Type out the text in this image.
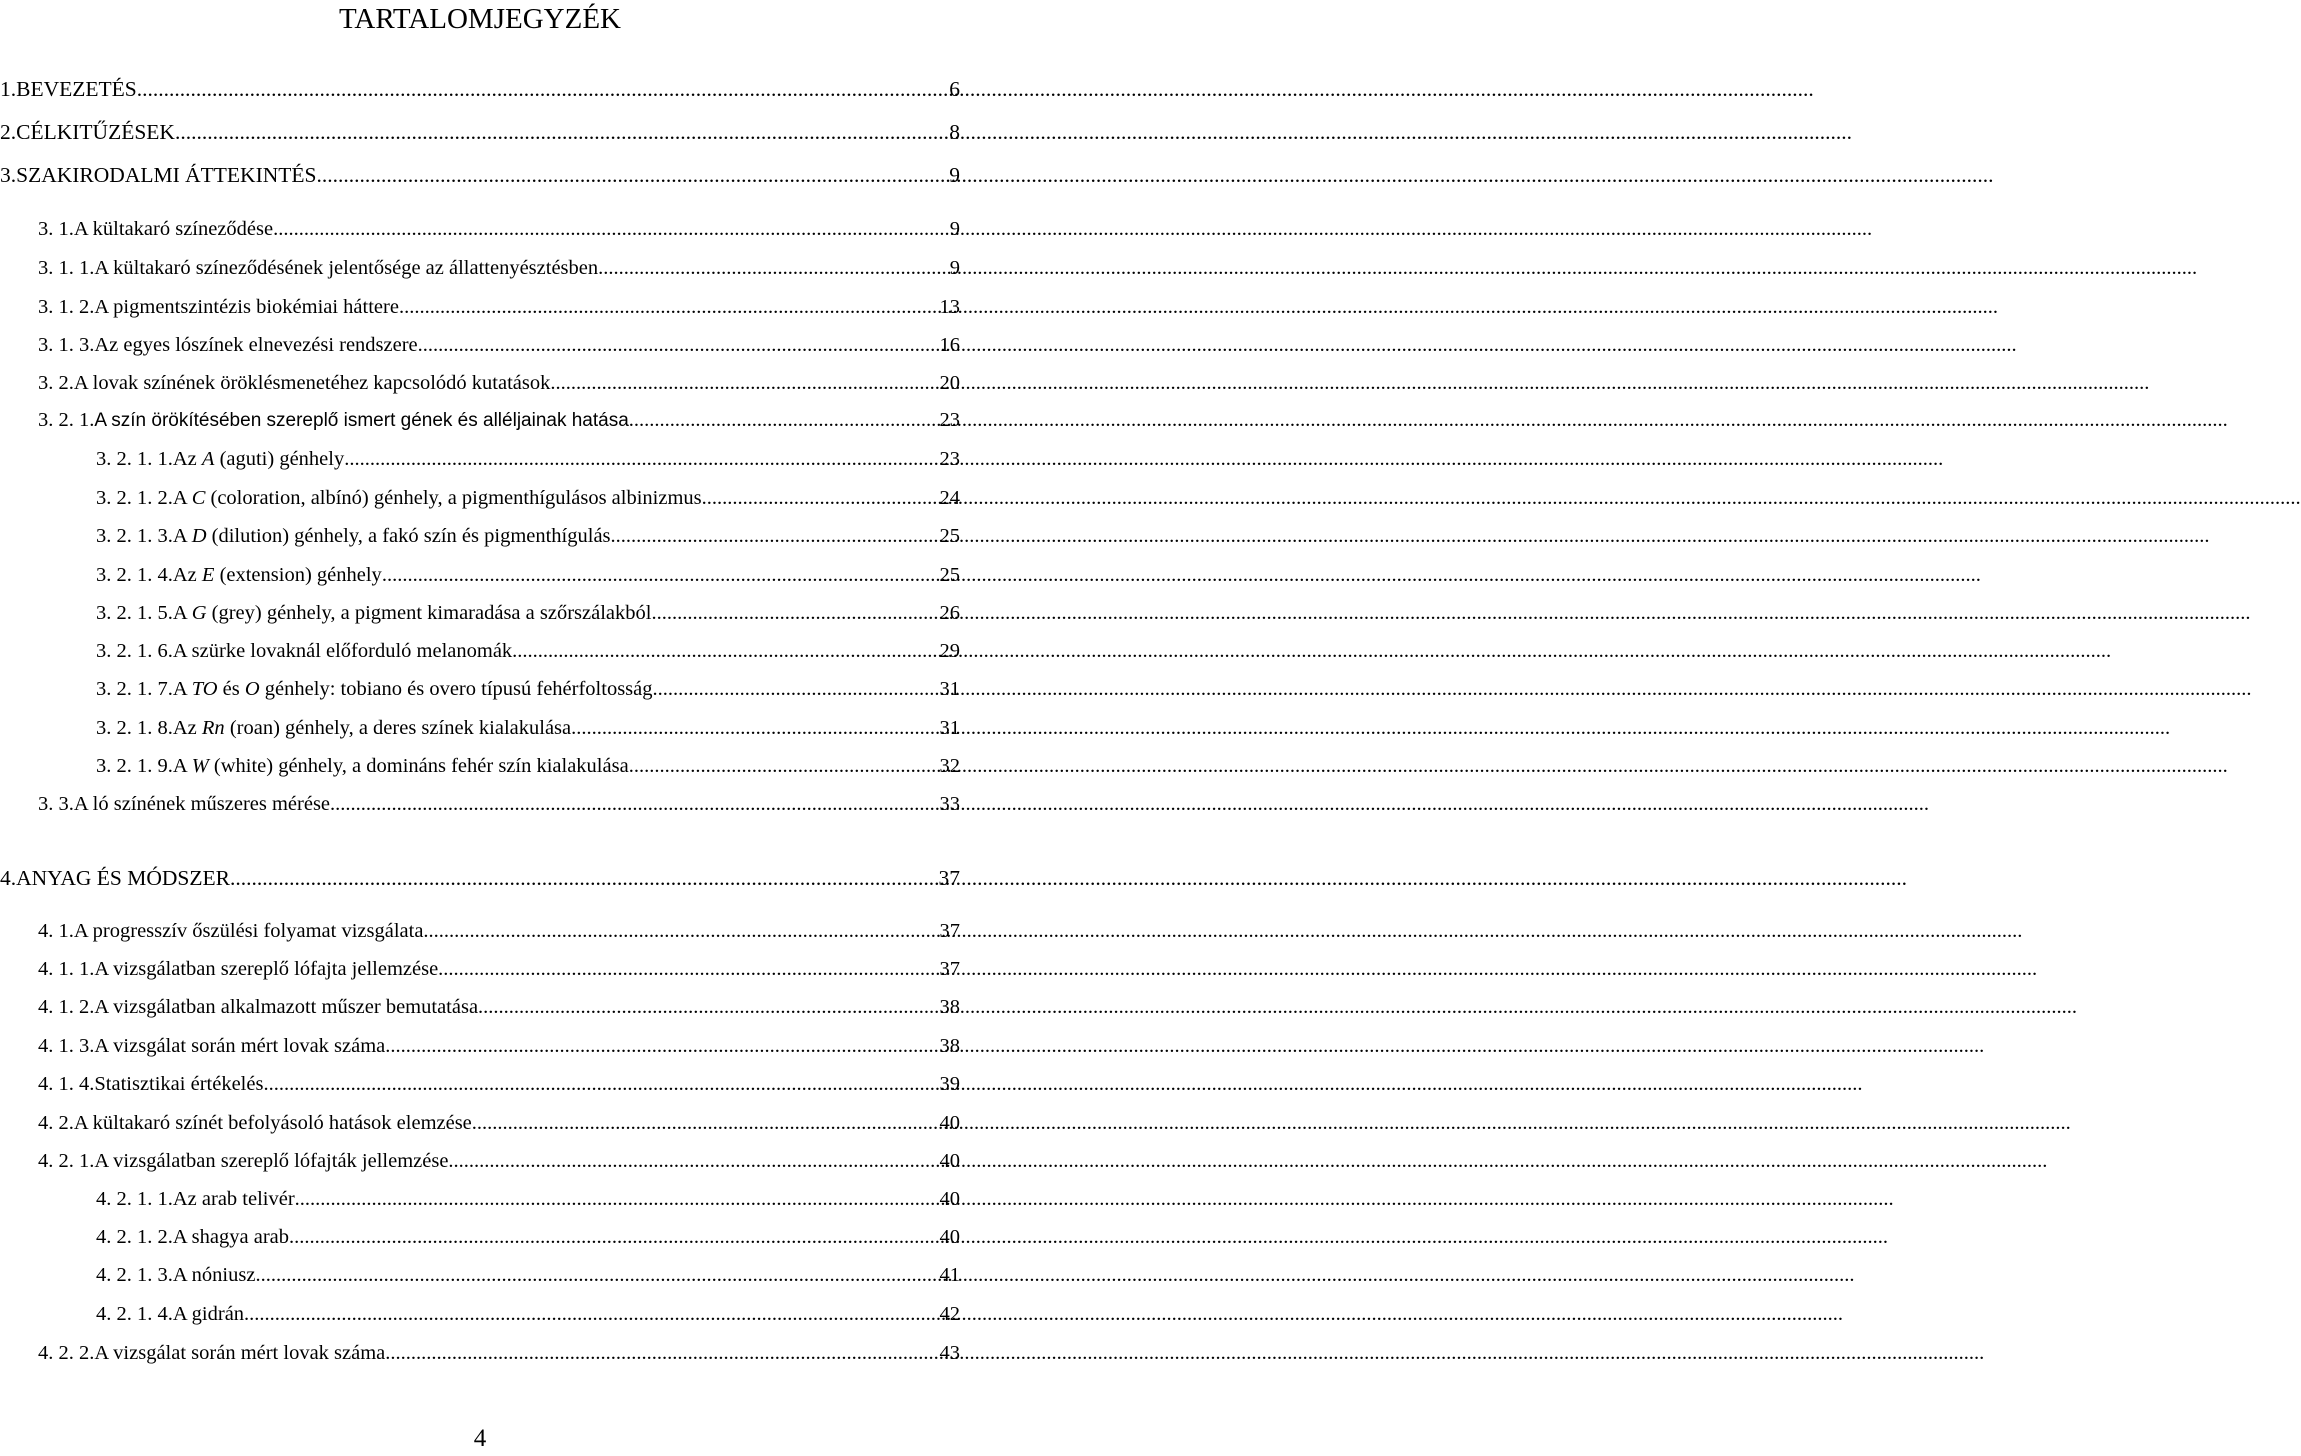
TARTALOMJEGYZÉK
1. BEVEZETÉS .....	6
2. CÉLKITŰZÉSEK .....	8
3. SZAKIRODALMI ÁTTEKINTÉS .....	9
3. 1. A kültakaró színeződése .....	9
3. 1. 1. A kültakaró színeződésének jelentősége az állattenyésztésben .....	9
3. 1. 2. A pigmentszintézis biokémiai háttere .....	13
3. 1. 3. Az egyes lószínek elnevezési rendszere .....	16
3. 2. A lovak színének öröklésmenetéhez kapcsolódó kutatások .....	20
3. 2. 1. A szín örökítésében szereplő ismert gének és alléljainak hatása .....	23
3. 2. 1. 1. Az A (aguti) génhely .....	23
3. 2. 1. 2. A C (coloration, albínó) génhely, a pigmenthígulásos albinizmus .....	24
3. 2. 1. 3. A D (dilution) génhely, a fakó szín és pigmenthígulás .....	25
3. 2. 1. 4. Az E (extension) génhely .....	25
3. 2. 1. 5. A G (grey) génhely, a pigment kimaradása a szőrszálakból .....	26
3. 2. 1. 6. A szürke lovaknál előforduló melanomák .....	29
3. 2. 1. 7. A TO és O génhely: tobiano és overo típusú fehérfoltosság .....	31
3. 2. 1. 8. Az Rn (roan) génhely, a deres színek kialakulása .....	31
3. 2. 1. 9. A W (white) génhely, a domináns fehér szín kialakulása .....	32
3. 3. A ló színének műszeres mérése .....	33
4. ANYAG ÉS MÓDSZER .....	37
4. 1. A progresszív őszülési folyamat vizsgálata .....	37
4. 1. 1. A vizsgálatban szereplő lófajta jellemzése .....	37
4. 1. 2. A vizsgálatban alkalmazott műszer bemutatása .....	38
4. 1. 3. A vizsgálat során mért lovak száma .....	38
4. 1. 4. Statisztikai értékelés .....	39
4. 2. A kültakaró színét befolyásoló hatások elemzése .....	40
4. 2. 1. A vizsgálatban szereplő lófajták jellemzése .....	40
4. 2. 1. 1. Az arab telivér .....	40
4. 2. 1. 2. A shagya arab .....	40
4. 2. 1. 3. A nóniusz .....	41
4. 2. 1. 4. A gidrán .....	42
4. 2. 2. A vizsgálat során mért lovak száma .....	43
4
